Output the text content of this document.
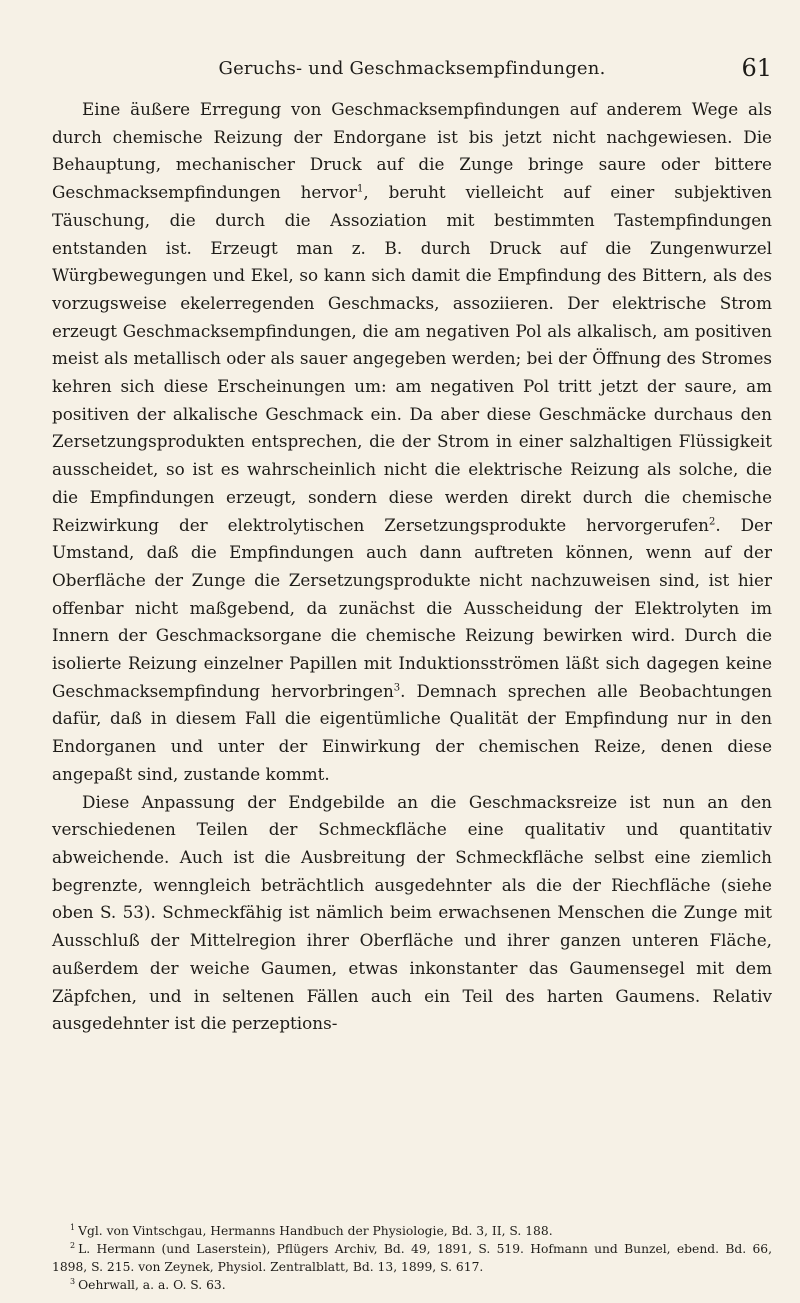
Geruchs- und Geschmacksempfindungen.	61

Eine äußere Erregung von Geschmacksempfindungen auf anderem Wege als durch chemische Reizung der Endorgane ist bis jetzt nicht nachgewiesen. Die Behauptung, mechanischer Druck auf die Zunge bringe saure oder bittere Geschmacksempfindungen hervor$^1$, beruht vielleicht auf einer subjektiven Täuschung, die durch die Assoziation mit bestimmten Tastempfindungen entstanden ist. Erzeugt man z. B. durch Druck auf die Zungenwurzel Würgbewegungen und Ekel, so kann sich damit die Empfindung des Bittern, als des vorzugsweise ekelerregenden Geschmacks, assoziieren. Der elektrische Strom erzeugt Geschmacksempfindungen, die am negativen Pol als alkalisch, am positiven meist als metallisch oder als sauer angegeben werden; bei der Öffnung des Stromes kehren sich diese Erscheinungen um: am negativen Pol tritt jetzt der saure, am positiven der alkalische Geschmack ein. Da aber diese Geschmäcke durchaus den Zersetzungsprodukten entsprechen, die der Strom in einer salzhaltigen Flüssigkeit ausscheidet, so ist es wahrscheinlich nicht die elektrische Reizung als solche, die die Empfindungen erzeugt, sondern diese werden direkt durch die chemische Reizwirkung der elektrolytischen Zersetzungsprodukte hervorgerufen$^2$. Der Umstand, daß die Empfindungen auch dann auftreten können, wenn auf der Oberfläche der Zunge die Zersetzungsprodukte nicht nachzuweisen sind, ist hier offenbar nicht maßgebend, da zunächst die Ausscheidung der Elektrolyten im Innern der Geschmacksorgane die chemische Reizung bewirken wird. Durch die isolierte Reizung einzelner Papillen mit Induktionsströmen läßt sich dagegen keine Geschmacksempfindung hervorbringen$^3$. Demnach sprechen alle Beobachtungen dafür, daß in diesem Fall die eigentümliche Qualität der Empfindung nur in den Endorganen und unter der Einwirkung der chemischen Reize, denen diese angepaßt sind, zustande kommt.

Diese Anpassung der Endgebilde an die Geschmacksreize ist nun an den verschiedenen Teilen der Schmeckfläche eine qualitativ und quantitativ abweichende. Auch ist die Ausbreitung der Schmeckfläche selbst eine ziemlich begrenzte, wenngleich beträchtlich ausgedehnter als die der Riechfläche (siehe oben S. 53). Schmeckfähig ist nämlich beim erwachsenen Menschen die Zunge mit Ausschluß der Mittelregion ihrer Oberfläche und ihrer ganzen unteren Fläche, außerdem der weiche Gaumen, etwas inkonstanter das Gaumensegel mit dem Zäpfchen, und in seltenen Fällen auch ein Teil des harten Gaumens. Relativ ausgedehnter ist die perzeptions-

$^1$ Vgl. von Vintschgau, Hermanns Handbuch der Physiologie, Bd. 3, II, S. 188.

$^2$ L. Hermann (und Laserstein), Pflügers Archiv, Bd. 49, 1891, S. 519. Hofmann und Bunzel, ebend. Bd. 66, 1898, S. 215. von Zeynek, Physiol. Zentralblatt, Bd. 13, 1899, S. 617.

$^3$ Oehrwall, a. a. O. S. 63.
